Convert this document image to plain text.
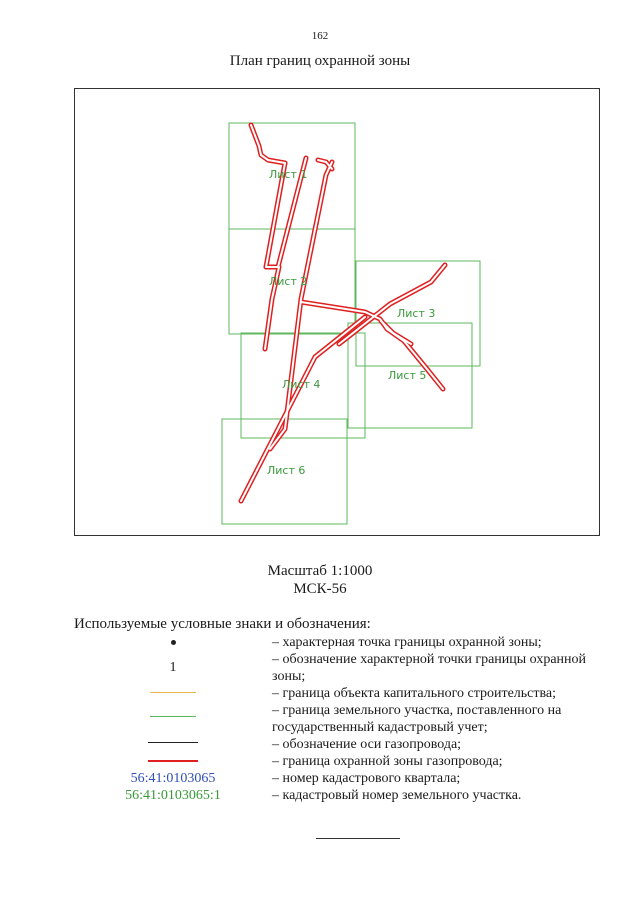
162
План границ охранной зоны
Лист 1
Лист 2
Лист 3
Лист 5
Лист 4
Лист 6
Масштаб 1:1000
МСК-56
Используемые условные знаки и обозначения:
– характерная точка границы охранной зоны;
1
– обозначение характерной точки границы охранной зоны;
– граница объекта капитального строительства;
– граница земельного участка, поставленного на государственный кадастровый учет;
– обозначение оси газопровода;
– граница охранной зоны газопровода;
56:41:0103065	– номер кадастрового квартала;
56:41:0103065:1	– кадастровый номер земельного участка.
